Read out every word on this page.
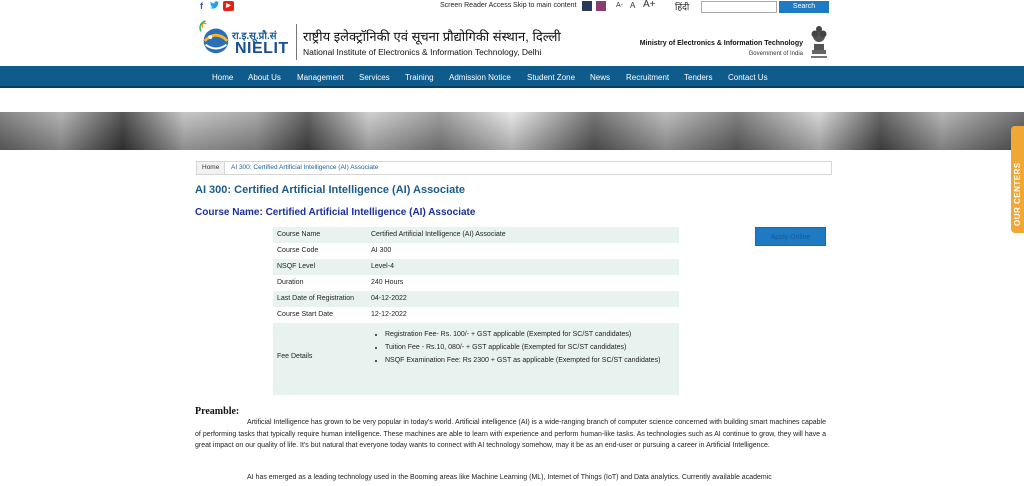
f	▶	Screen Reader Access Skip to main content	A- A A+ हिंदी	Search
रा.इ.सू.प्रौ.सं
NIELIT
राष्ट्रीय इलेक्ट्रॉनिकी एवं सूचना प्रौद्योगिकी संस्थान, दिल्ली
National Institute of Electronics & Information Technology, Delhi
Ministry of Electronics & Information Technology
Government of India
Home About Us Management Services Training Admission Notice Student Zone News Recruitment Tenders Contact Us
Home	AI 300: Certified Artificial Intelligence (AI) Associate
AI 300: Certified Artificial Intelligence (AI) Associate
Course Name: Certified Artificial Intelligence (AI) Associate
Course Name	Certified Artificial Intelligence (AI) Associate
Course Code	AI 300
NSQF Level	Level-4
Duration	240 Hours
Last Date of Registration 04-12-2022
Course Start Date	12-12-2022
Fee Details
• Registration Fee- Rs. 100/- + GST applicable (Exempted for SC/ST candidates)
• Tuition Fee - Rs.10, 080/- + GST applicable (Exempted for SC/ST candidates)
• NSQF Examination Fee: Rs 2300 + GST as applicable (Exempted for SC/ST candidates)
Apply Online
Preamble:

Artificial Intelligence has grown to be very popular in today's world. Artificial intelligence (AI) is a wide-ranging branch of computer science concerned with building smart machines capable of performing tasks that typically require human intelligence. These machines are able to learn with experience and perform human-like tasks. As technologies such as AI continue to grow, they will have a great impact on our quality of life. It's but natural that everyone today wants to connect with AI technology somehow, may it be as an end-user or pursuing a career in Artificial Intelligence.

AI has emerged as a leading technology used in the Booming areas like Machine Learning (ML), Internet of Things (IoT) and Data analytics. Currently available academic

OUR CENTERS
